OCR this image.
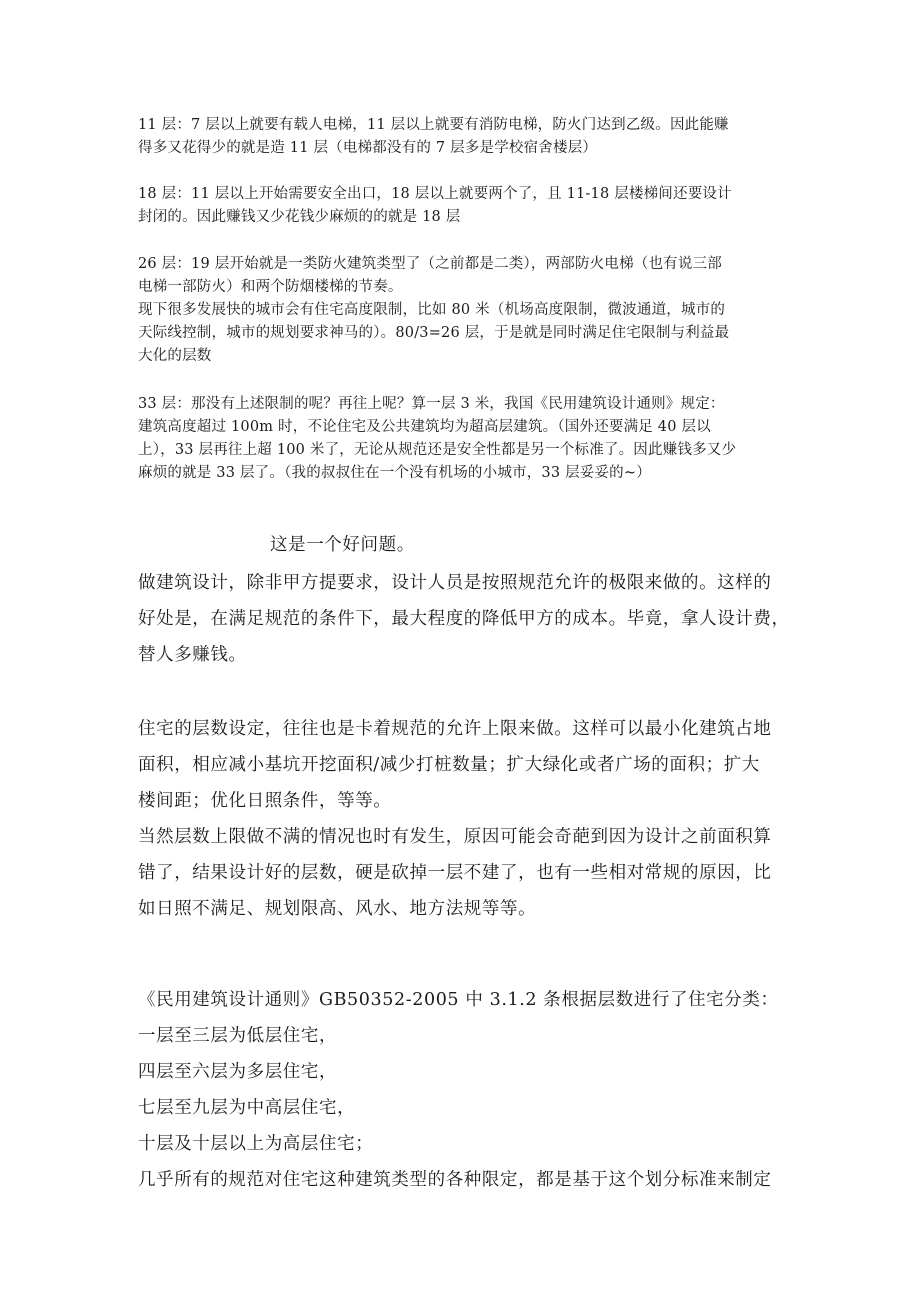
11 层：7 层以上就要有载人电梯，11 层以上就要有消防电梯，防火门达到乙级。因此能赚
得多又花得少的就是造 11 层（电梯都没有的 7 层多是学校宿舍楼层）

18 层：11 层以上开始需要安全出口，18 层以上就要两个了，且 11-18 层楼梯间还要设计
封闭的。因此赚钱又少花钱少麻烦的的就是 18 层

26 层：19 层开始就是一类防火建筑类型了（之前都是二类），两部防火电梯（也有说三部
电梯一部防火）和两个防烟楼梯的节奏。
现下很多发展快的城市会有住宅高度限制，比如 80 米（机场高度限制，微波通道，城市的
天际线控制，城市的规划要求神马的）。80/3=26 层，于是就是同时满足住宅限制与利益最
大化的层数

33 层：那没有上述限制的呢？再往上呢？算一层 3 米，我国《民用建筑设计通则》规定：
建筑高度超过 100m 时，不论住宅及公共建筑均为超高层建筑。（国外还要满足 40 层以
上），33 层再往上超 100 米了，无论从规范还是安全性都是另一个标准了。因此赚钱多又少
麻烦的就是 33 层了。（我的叔叔住在一个没有机场的小城市，33 层妥妥的~）

这是一个好问题。

做建筑设计，除非甲方提要求，设计人员是按照规范允许的极限来做的。这样的
好处是，在满足规范的条件下，最大程度的降低甲方的成本。毕竟，拿人设计费，
替人多赚钱。

住宅的层数设定，往往也是卡着规范的允许上限来做。这样可以最小化建筑占地
面积，相应减小基坑开挖面积/减少打桩数量；扩大绿化或者广场的面积；扩大
楼间距；优化日照条件，等等。
当然层数上限做不满的情况也时有发生，原因可能会奇葩到因为设计之前面积算
错了，结果设计好的层数，硬是砍掉一层不建了，也有一些相对常规的原因，比
如日照不满足、规划限高、风水、地方法规等等。

《民用建筑设计通则》GB50352-2005 中 3.1.2 条根据层数进行了住宅分类：
一层至三层为低层住宅，
四层至六层为多层住宅，
七层至九层为中高层住宅，
十层及十层以上为高层住宅；
几乎所有的规范对住宅这种建筑类型的各种限定，都是基于这个划分标准来制定
